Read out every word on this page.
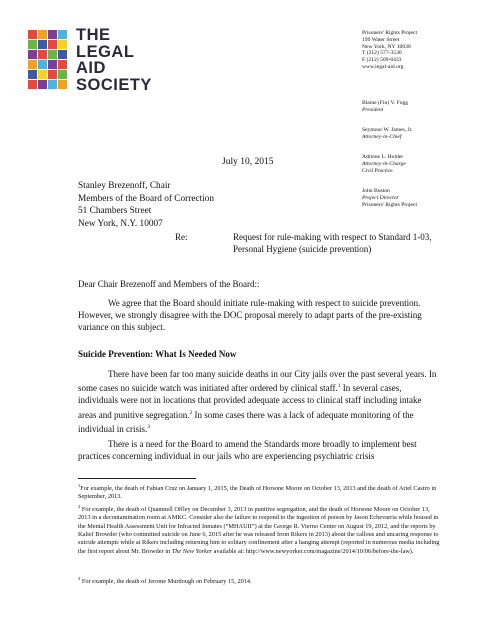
THE
LEGAL
AID
SOCIETY
Prisoners' Rights Project
199 Water Street
New York, NY 10038
T (212) 577-3530
F (212) 509-8433
www.legal-aid.org
Blaine (Fin) V. Fogg
President
Seymour W. James, Jr.
Attorney-in-Chief
Adriene L. Holder
Attorney-in-Charge
Civil Practice
John Boston
Project Director
Prisoners' Rights Project
July 10, 2015
Stanley Brezenoff, Chair
Members of the Board of Correction
51 Chambers Street
New York, N.Y. 10007
Re:	Request for rule-making with respect to Standard 1-03,
Personal Hygiene (suicide prevention)
Dear Chair Brezenoff and Members of the Board::
We agree that the Board should initiate rule-making with respect to suicide prevention. However, we strongly disagree with the DOC proposal merely to adapt parts of the pre-existing variance on this subject.
Suicide Prevention: What Is Needed Now
There have been far too many suicide deaths in our City jails over the past several years. In some cases no suicide watch was initiated after ordered by clinical staff.$^1$ In several cases, individuals were not in locations that provided adequate access to clinical staff including intake areas and punitive segregation.$^2$ In some cases there was a lack of adequate monitoring of the individual in crisis.$^3$
There is a need for the Board to amend the Standards more broadly to implement best practices concerning individual in our jails who are experiencing psychiatric crisis
$^1$For example, the death of Fabian Cruz on January 1, 2015, the Death of Horsone Moore on October 13, 2013 and the death of Ariel Castro in September, 2013.
$^2$ For example, the death of Quamnell Offley on December 3, 2013 in punitive segregation, and the death of Horsone Moore on October 13, 2013 in a decontamination room at AMKC. Consider also the failure to respond to the ingestion of poison by Jason Echevarria while housed in the Mental Health Assessment Unit for Infracted Inmates (“MHAUII”) at the George R. Vierno Center on August 19, 2012, and the reports by Kalief Browder (who committed suicide on June 6, 2015 after he was released from Rikers in 2013) about the callous and uncaring response to suicide attempts while at Rikers including returning him to solitary confinement after a hanging attempt (reported in numerous media including the first report about Mr. Browder in The New Yorker available at: http://www.newyorker.com/magazine/2014/10/06/before-the-law).
$^3$ For example, the death of Jerome Murdough on February 15, 2014.
